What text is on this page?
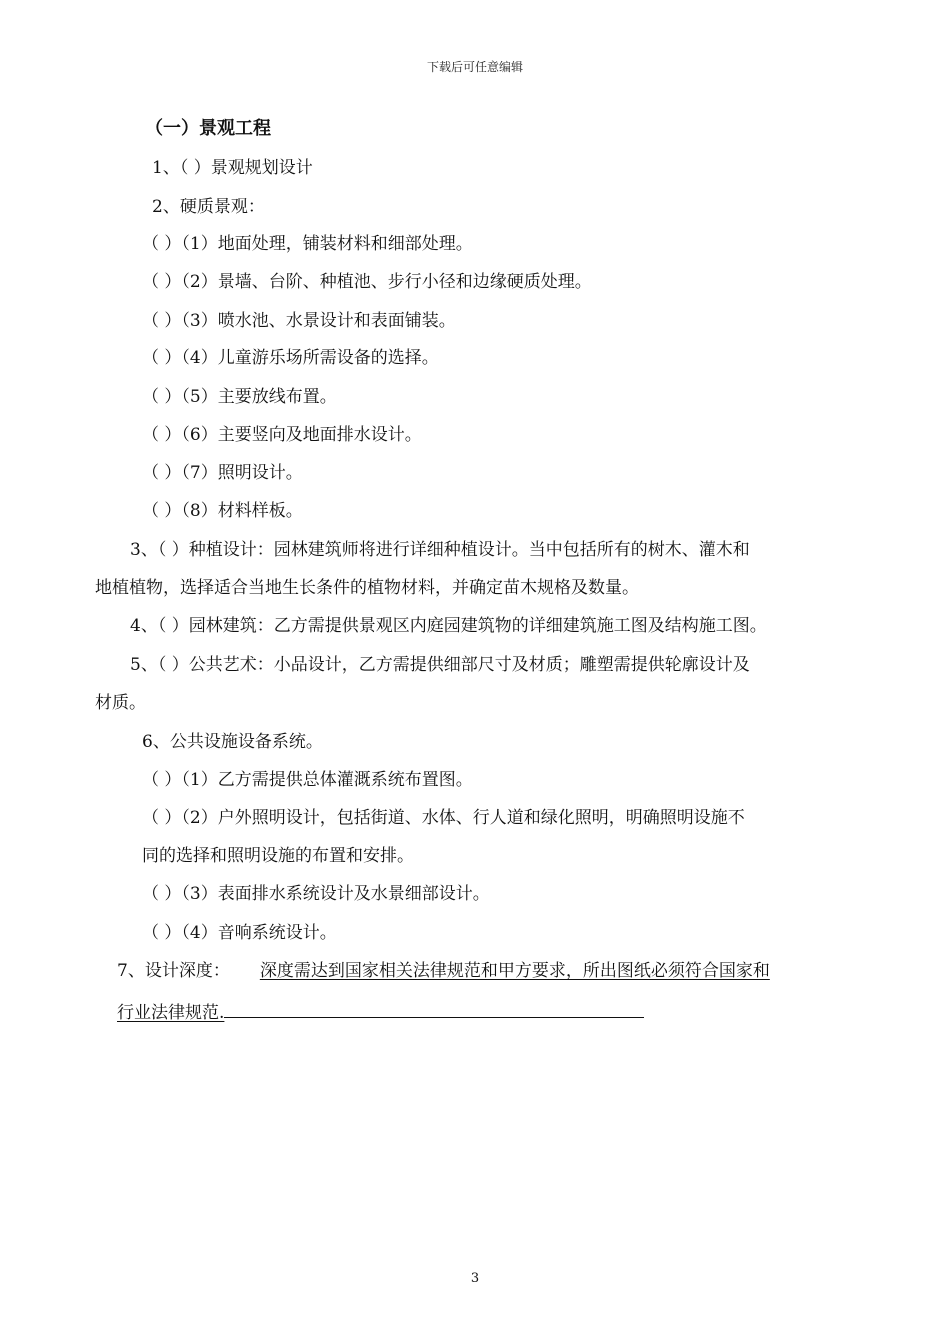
下载后可任意编辑
（一）景观工程
1、（ ）景观规划设计
2、硬质景观：
（ ）（1）地面处理，铺装材料和细部处理。
（ ）（2）景墙、台阶、种植池、步行小径和边缘硬质处理。
（ ）（3）喷水池、水景设计和表面铺装。
（ ）（4）儿童游乐场所需设备的选择。
（ ）（5）主要放线布置。
（ ）（6）主要竖向及地面排水设计。
（ ）（7）照明设计。
（ ）（8）材料样板。
3、（ ）种植设计：园林建筑师将进行详细种植设计。当中包括所有的树木、灌木和
地植植物，选择适合当地生长条件的植物材料，并确定苗木规格及数量。
4、（ ）园林建筑：乙方需提供景观区内庭园建筑物的详细建筑施工图及结构施工图。
5、（ ）公共艺术：小品设计，乙方需提供细部尺寸及材质；雕塑需提供轮廓设计及
材质。
6、公共设施设备系统。
（ ）（1）乙方需提供总体灌溉系统布置图。
（ ）（2）户外照明设计，包括街道、水体、行人道和绿化照明，明确照明设施不
同的选择和照明设施的布置和安排。
（ ）（3）表面排水系统设计及水景细部设计。
（ ）（4）音响系统设计。
7、设计深度： 深度需达到国家相关法律规范和甲方要求，所出图纸必须符合国家和
行业法律规范.
3
